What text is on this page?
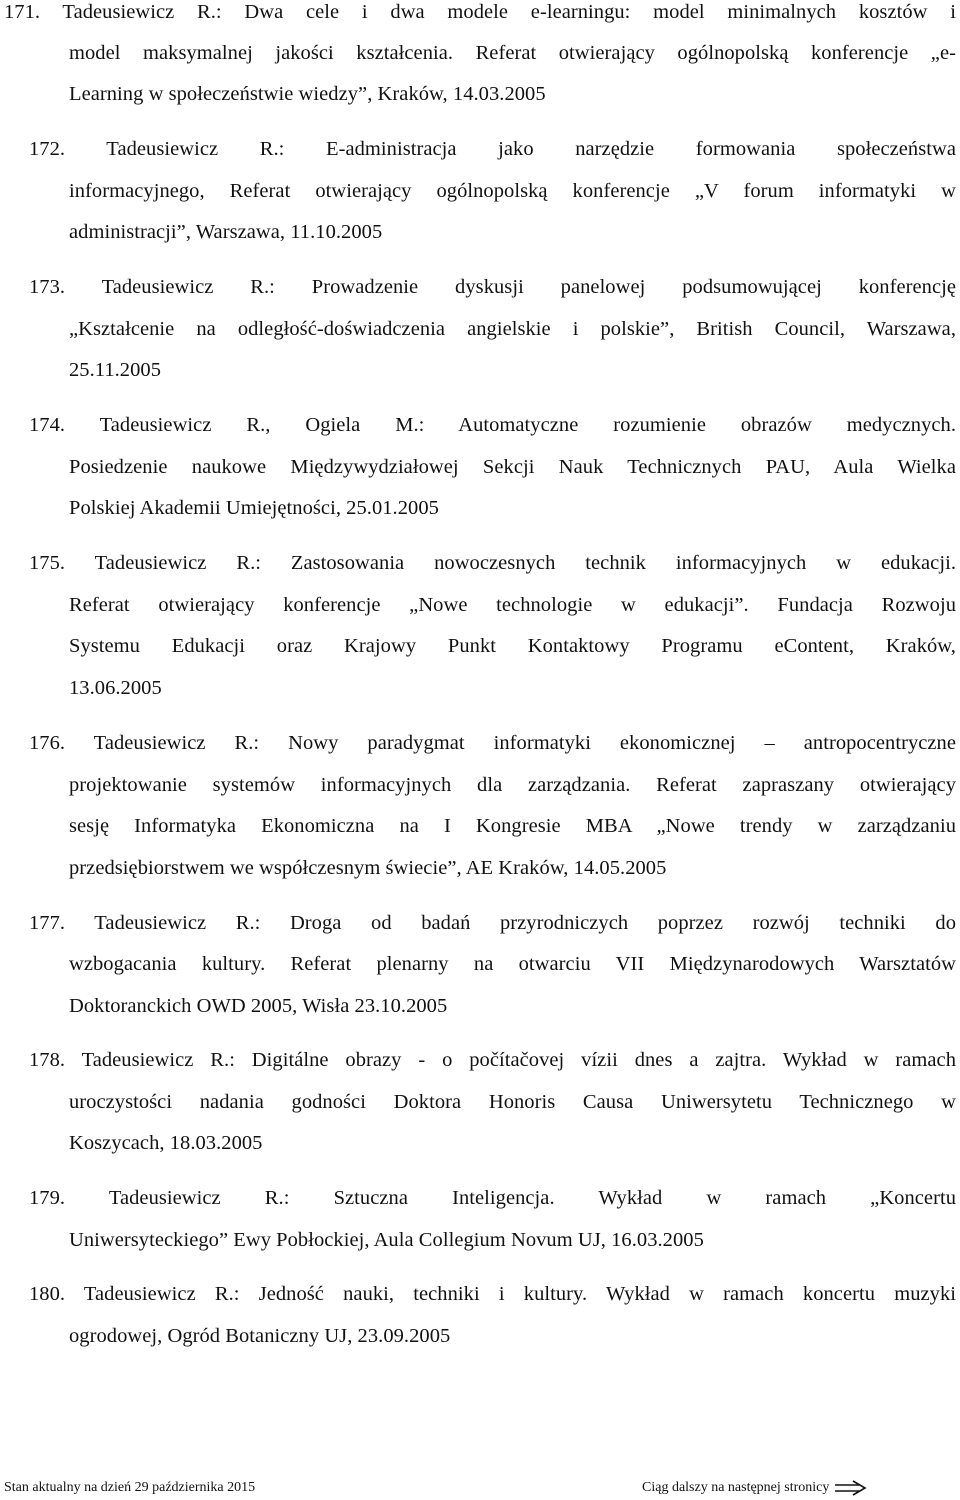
171. Tadeusiewicz R.: Dwa cele i dwa modele e-learningu: model minimalnych kosztów i
model maksymalnej jakości kształcenia. Referat otwierający ogólnopolską konferencje „e-
Learning w społeczeństwie wiedzy”, Kraków, 14.03.2005
172. Tadeusiewicz R.: E-administracja jako narzędzie formowania społeczeństwa
informacyjnego, Referat otwierający ogólnopolską konferencje „V forum informatyki w
administracji”, Warszawa, 11.10.2005
173. Tadeusiewicz R.: Prowadzenie dyskusji panelowej podsumowującej konferencję
„Kształcenie na odległość-doświadczenia angielskie i polskie”, British Council, Warszawa,
25.11.2005
174. Tadeusiewicz R., Ogiela M.: Automatyczne rozumienie obrazów medycznych.
Posiedzenie naukowe Międzywydziałowej Sekcji Nauk Technicznych PAU, Aula Wielka
Polskiej Akademii Umiejętności, 25.01.2005
175. Tadeusiewicz R.: Zastosowania nowoczesnych technik informacyjnych w edukacji.
Referat otwierający konferencje „Nowe technologie w edukacji”. Fundacja Rozwoju
Systemu Edukacji oraz Krajowy Punkt Kontaktowy Programu eContent, Kraków,
13.06.2005
176. Tadeusiewicz R.: Nowy paradygmat informatyki ekonomicznej – antropocentryczne
projektowanie systemów informacyjnych dla zarządzania. Referat zapraszany otwierający
sesję Informatyka Ekonomiczna na I Kongresie MBA „Nowe trendy w zarządzaniu
przedsiębiorstwem we współczesnym świecie”, AE Kraków, 14.05.2005
177. Tadeusiewicz R.: Droga od badań przyrodniczych poprzez rozwój techniki do
wzbogacania kultury. Referat plenarny na otwarciu VII Międzynarodowych Warsztatów
Doktoranckich OWD 2005, Wisła 23.10.2005
178. Tadeusiewicz R.: Digitálne obrazy - o počítačovej vízii dnes a zajtra. Wykład w ramach
uroczystości nadania godności Doktora Honoris Causa Uniwersytetu Technicznego w
Koszycach, 18.03.2005
179. Tadeusiewicz R.: Sztuczna Inteligencja. Wykład w ramach „Koncertu
Uniwersyteckiego” Ewy Pobłockiej, Aula Collegium Novum UJ, 16.03.2005
180. Tadeusiewicz R.: Jedność nauki, techniki i kultury. Wykład w ramach koncertu muzyki
ogrodowej, Ogród Botaniczny UJ, 23.09.2005
Stan aktualny na dzień 29 października 2015	Ciąg dalszy na następnej stronicy
